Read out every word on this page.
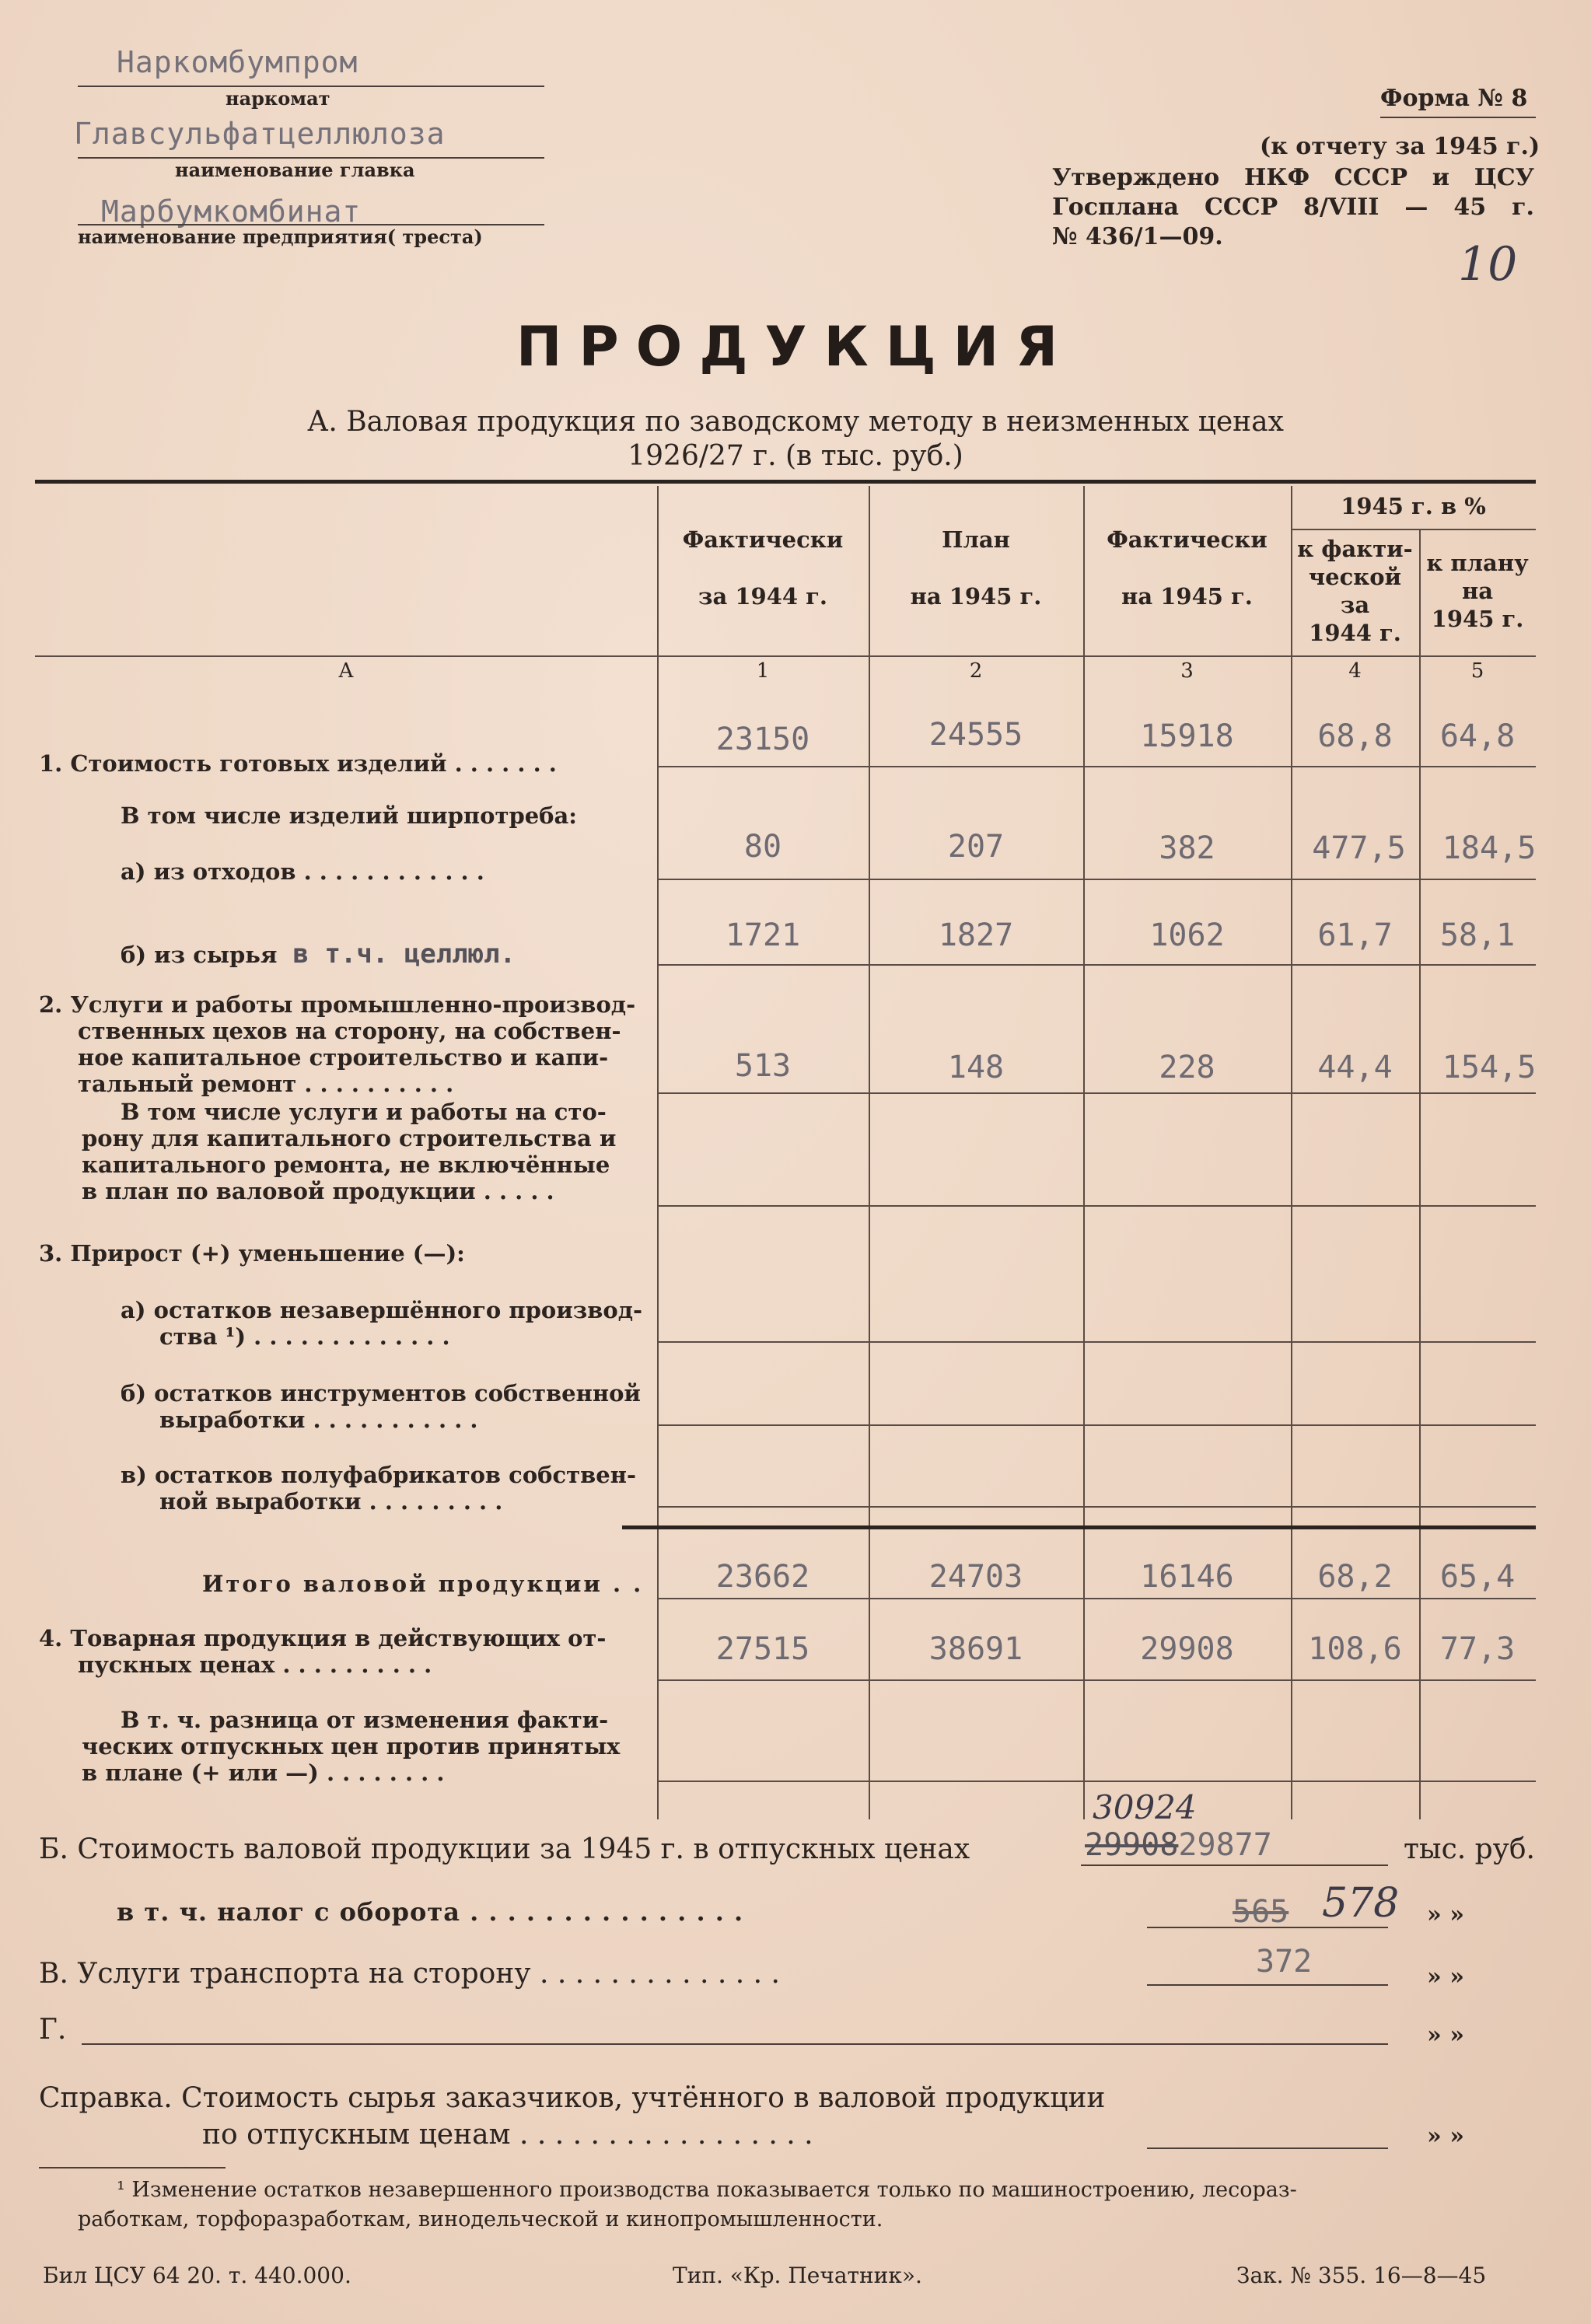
Наркомбумпром
наркомат
Главсульфатцеллюлоза
наименование главка
Марбумкомбинат
наименование предприятия( треста)
Форма № 8
(к отчету за 1945 г.)
Утверждено НКФ СССР и ЦСУ
Госплана СССР 8/VIII — 45 г.
№ 436/1—09.
10
ПРОДУКЦИЯ
А. Валовая продукция по заводскому методу в неизменных ценах
1926/27 г. (в тыс. руб.)
Фактически
за 1944 г.
План
на 1945 г.
Фактически
на 1945 г.
1945 г. в %
к факти-
ческой
за
1944 г.
к плану
на
1945 г.
А	1	2	3	4	5
1. Стоимость готовых изделий . . . . . . .
23150	24555	15918	68,8	64,8
В том числе изделий ширпотреба:
а) из отходов . . . . . . . . . . . .
80	207	382	477,5	184,5
б) из сырья в т.ч. целлюл.
1721	1827	1062	61,7	58,1
2. Услуги и работы промышленно-производ-
ственных цехов на сторону, на собствен-
ное капитальное строительство и капи-
тальный ремонт . . . . . . . . . .	513	148	228	44,4	154,5
В том числе услуги и работы на сто-
рону для капитального строительства и
капитального ремонта, не включённые
в план по валовой продукции . . . . .
3. Прирост (+) уменьшение (—):
а) остатков незавершённого производ-
ства ¹) . . . . . . . . . . . . .
б) остатков инструментов собственной
выработки . . . . . . . . . . .
в) остатков полуфабрикатов собствен-
ной выработки . . . . . . . . .
Итого валовой продукции . .	23662	24703	16146	68,2	65,4
4. Товарная продукция в действующих от-
пускных ценах . . . . . . . . . .	27515	38691	29908	108,6	77,3
В т. ч. разница от изменения факти-
ческих отпускных цен против принятых
в плане (+ или —) . . . . . . . .
30924
Б. Стоимость валовой продукции за 1945 г. в отпускных ценах	2990829877	тыс. руб.
в т. ч. налог с оборота . . . . . . . . . . . . . . .	565 578 » »
В. Услуги транспорта на сторону . . . . . . . . . . . . . .	372	» »
Г.	» »
Справка. Стоимость сырья заказчиков, учтённого в валовой продукции
по отпускным ценам . . . . . . . . . . . . . . . . .	» »
¹ Изменение остатков незавершенного производства показывается только по машиностроению, лесораз-
работкам, торфоразработкам, винодельческой и кинопромышленности.
Бил ЦСУ 64 20. т. 440.000.	Тип. «Кр. Печатник».	Зак. № 355. 16—8—45
